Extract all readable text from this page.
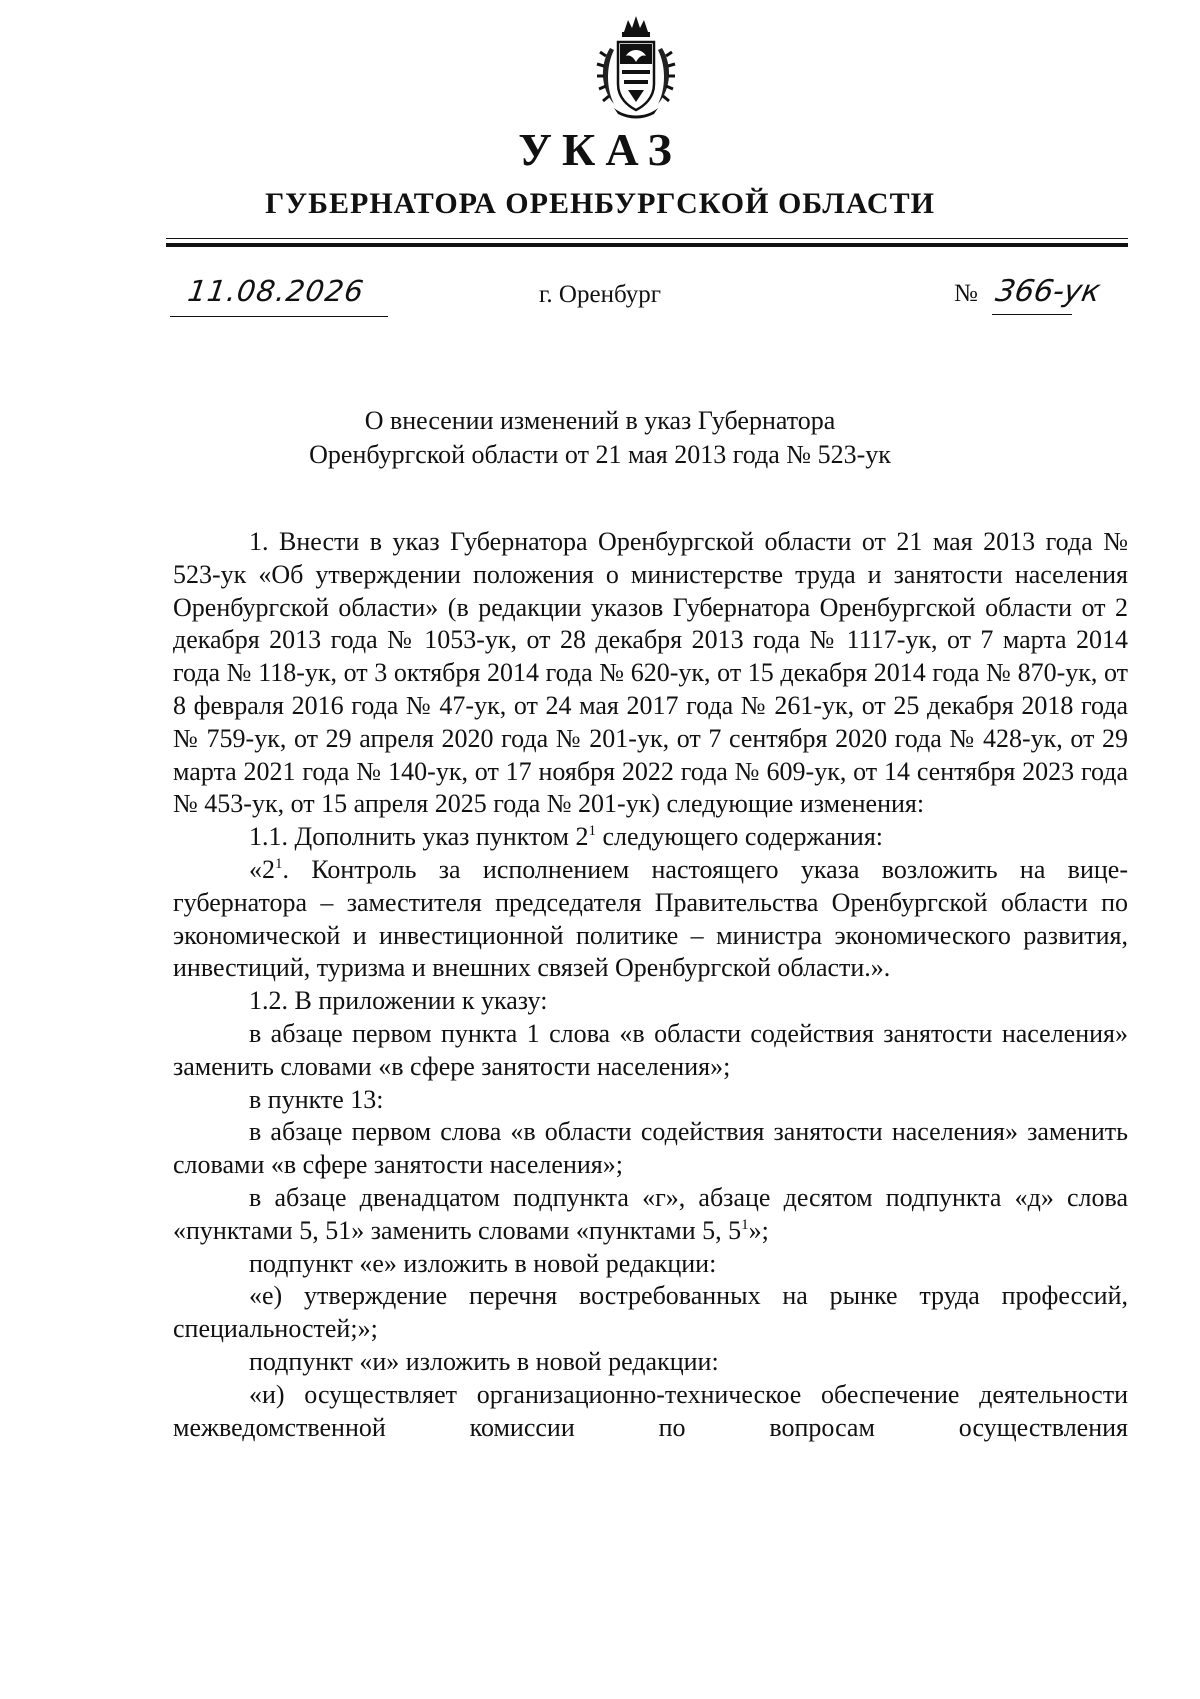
УКАЗ
ГУБЕРНАТОРА ОРЕНБУРГСКОЙ ОБЛАСТИ
11.08.2026	г. Оренбург	№ 366-ук
О внесении изменений в указ Губернатора
Оренбургской области от 21 мая 2013 года № 523-ук

1. Внести в указ Губернатора Оренбургской области от 21 мая 2013 года № 523-ук «Об утверждении положения о министерстве труда и занятости населения Оренбургской области» (в редакции указов Губернатора Оренбургской области от 2 декабря 2013 года № 1053-ук, от 28 декабря 2013 года № 1117-ук, от 7 марта 2014 года № 118-ук, от 3 октября 2014 года № 620-ук, от 15 декабря 2014 года № 870-ук, от 8 февраля 2016 года № 47-ук, от 24 мая 2017 года № 261-ук, от 25 декабря 2018 года № 759-ук, от 29 апреля 2020 года № 201-ук, от 7 сентября 2020 года № 428-ук, от 29 марта 2021 года № 140-ук, от 17 ноября 2022 года № 609-ук, от 14 сентября 2023 года № 453-ук, от 15 апреля 2025 года № 201-ук) следующие изменения:

1.1. Дополнить указ пунктом $2^1$ следующего содержания:

«$2^1$. Контроль за исполнением настоящего указа возложить на вице-губернатора – заместителя председателя Правительства Оренбургской области по экономической и инвестиционной политике – министра экономического развития, инвестиций, туризма и внешних связей Оренбургской области.».

1.2. В приложении к указу:

в абзаце первом пункта 1 слова «в области содействия занятости населения» заменить словами «в сфере занятости населения»;

в пункте 13:

в абзаце первом слова «в области содействия занятости населения» заменить словами «в сфере занятости населения»;

в абзаце двенадцатом подпункта «г», абзаце десятом подпункта «д» слова «пунктами 5, 51» заменить словами «пунктами 5, $5^1$»;

подпункт «е» изложить в новой редакции:

«е) утверждение перечня востребованных на рынке труда профессий, специальностей;»;

подпункт «и» изложить в новой редакции:

«и) осуществляет организационно-техническое обеспечение деятельности межведомственной комиссии по вопросам осуществления
